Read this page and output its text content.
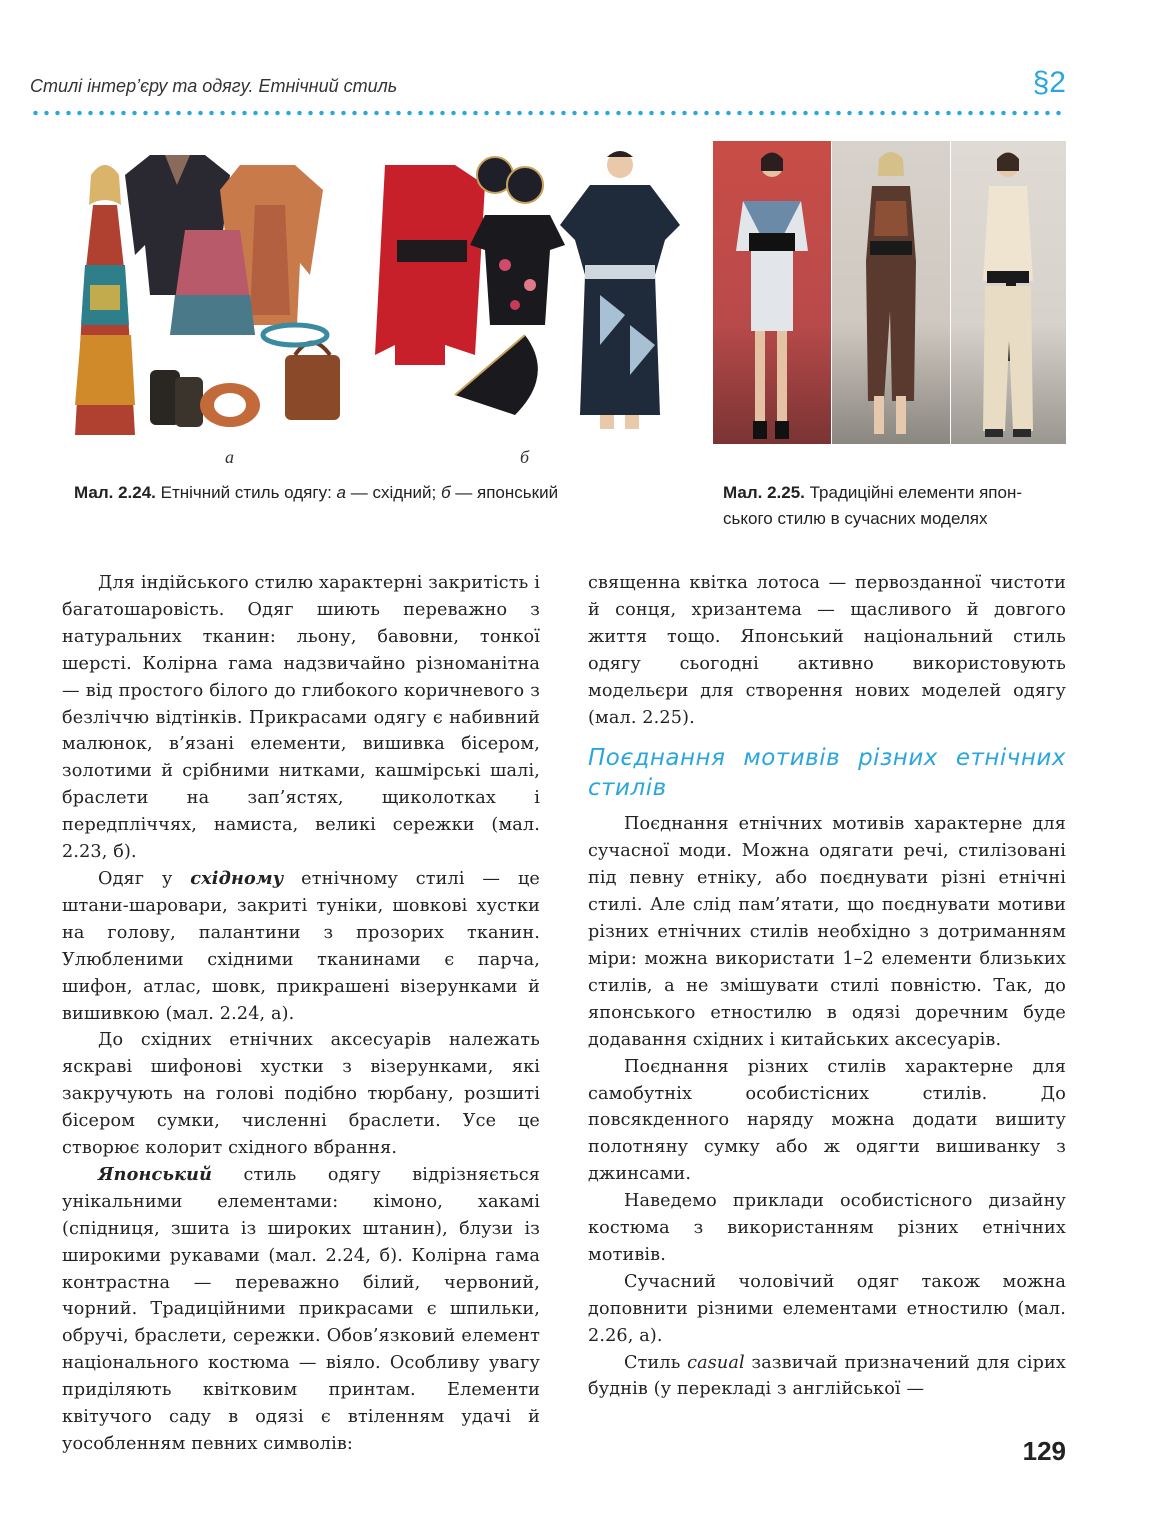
Стилі інтер’єру та одягу. Етнічний стиль	§2
а	б
Мал. 2.24. Етнічний стиль одягу: а — східний; б — японський	Мал. 2.25. Традиційні елементи япон-
ського стилю в сучасних моделях

Для індійського стилю характерні закритість і багатошаровість. Одяг шиють переважно з натуральних тканин: льону, бавовни, тонкої шерсті. Колірна гама надзвичайно різноманітна — від простого білого до глибокого коричневого з безліччю відтінків. Прикрасами одягу є набивний малюнок, в’язані елементи, вишивка бісером, золотими й срібними нитками, кашмірські шалі, браслети на зап’ястях, щиколотках і передпліччях, намиста, великі сережки (мал. 2.23, б).

Одяг у східному етнічному стилі — це штани-шаровари, закриті туніки, шовкові хустки на голову, палантини з прозорих тканин. Улюбленими східними тканинами є парча, шифон, атлас, шовк, прикрашені візерунками й вишивкою (мал. 2.24, а).

До східних етнічних аксесуарів належать яскраві шифонові хустки з візерунками, які закручують на голові подібно тюрбану, розшиті бісером сумки, численні браслети. Усе це створює колорит східного вбрання.

Японський стиль одягу відрізняється унікальними елементами: кімоно, хакамі (спідниця, зшита із широких штанин), блузи із широкими рукавами (мал. 2.24, б). Колірна гама контрастна — переважно білий, червоний, чорний. Традиційними прикрасами є шпильки, обручі, браслети, сережки. Обов’язковий елемент національного костюма — віяло. Особливу увагу приділяють квітковим принтам. Елементи квітучого саду в одязі є втіленням удачі й уособленням певних символів:

священна квітка лотоса — первозданної чистоти й сонця, хризантема — щасливого й довгого життя тощо. Японський національний стиль одягу сьогодні активно використовують модельєри для створення нових моделей одягу (мал. 2.25).

Поєднання мотивів різних етнічних стилів

Поєднання етнічних мотивів характерне для сучасної моди. Можна одягати речі, стилізовані під певну етніку, або поєднувати різні етнічні стилі. Але слід пам’ятати, що поєднувати мотиви різних етнічних стилів необхідно з дотриманням міри: можна використати 1–2 елементи близьких стилів, а не змішувати стилі повністю. Так, до японського етностилю в одязі доречним буде додавання східних і китайських аксесуарів.

Поєднання різних стилів характерне для самобутніх особистісних стилів. До повсякденного наряду можна додати вишиту полотняну сумку або ж одягти вишиванку з джинсами.

Наведемо приклади особистісного дизайну костюма з використанням різних етнічних мотивів.

Сучасний чоловічий одяг також можна доповнити різними елементами етностилю (мал. 2.26, а).

Стиль casual зазвичай призначений для сірих буднів (у перекладі з англійської —

129
